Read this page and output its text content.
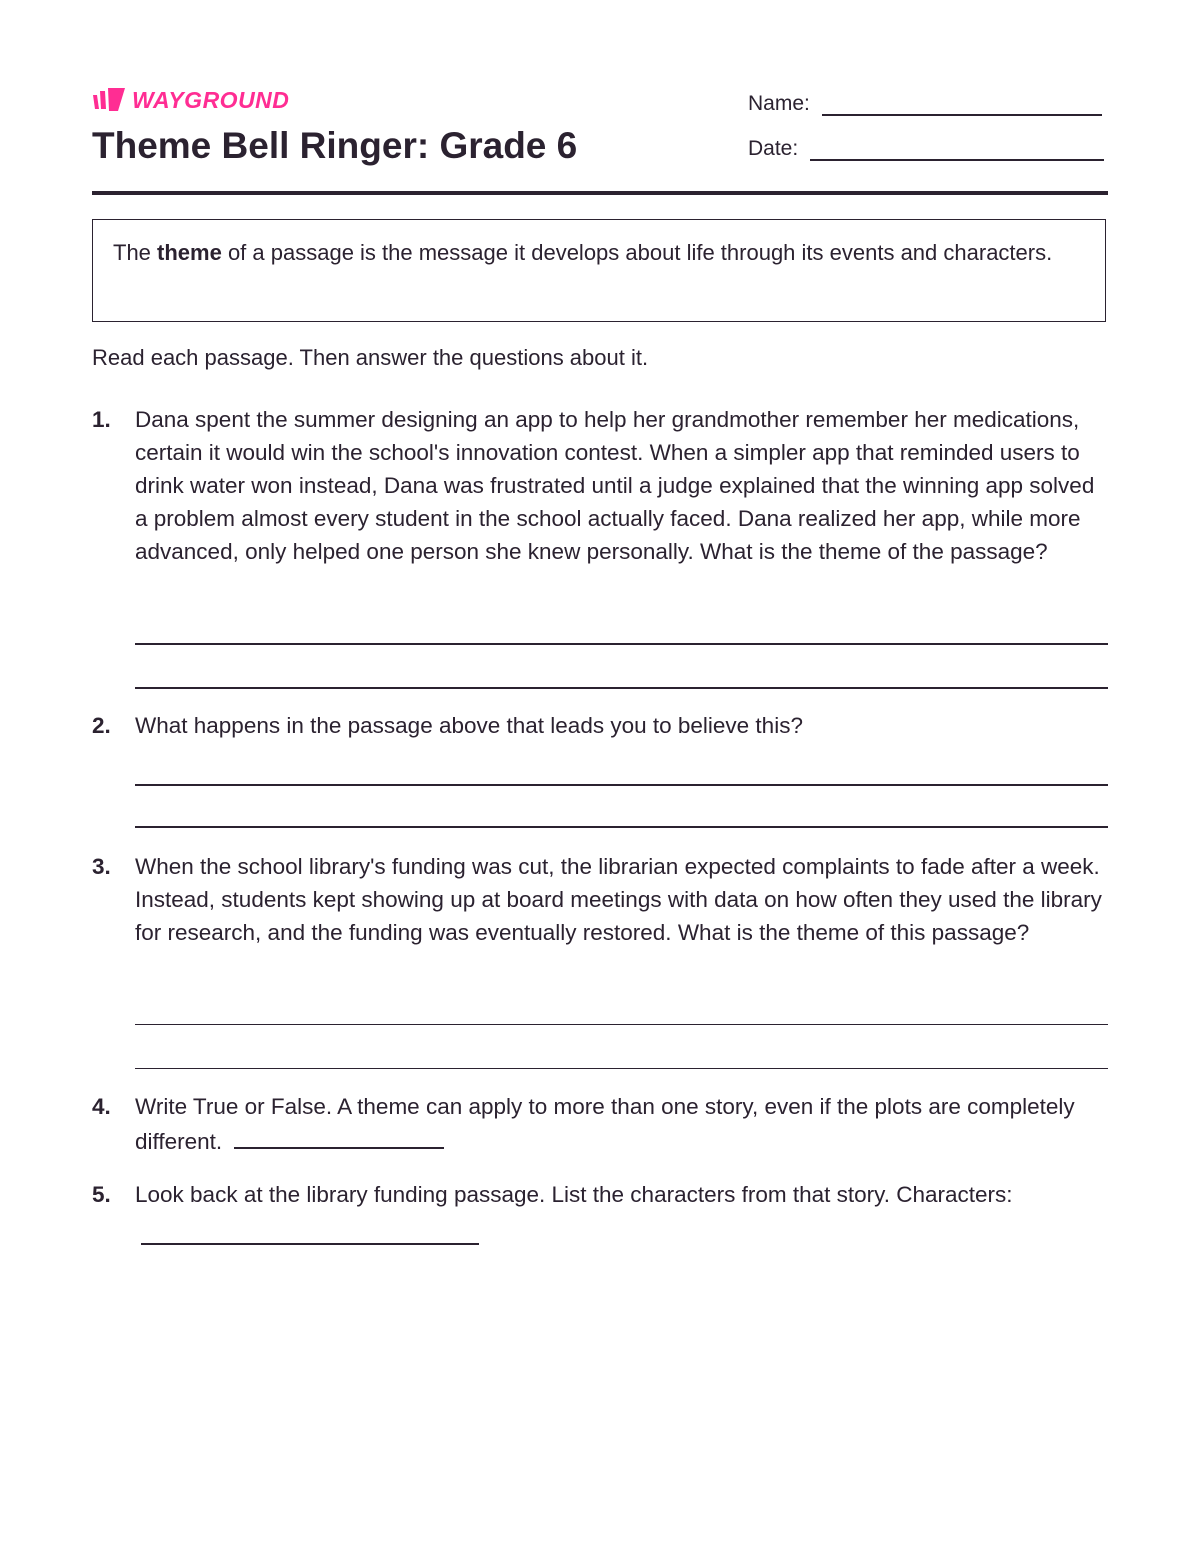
WAYGROUND
Theme Bell Ringer: Grade 6
Name:
Date:
The theme of a passage is the message it develops about life through its events and characters.
Read each passage. Then answer the questions about it.
1. Dana spent the summer designing an app to help her grandmother remember her medications, certain it would win the school's innovation contest. When a simpler app that reminded users to drink water won instead, Dana was frustrated until a judge explained that the winning app solved a problem almost every student in the school actually faced. Dana realized her app, while more advanced, only helped one person she knew personally. What is the theme of the passage?
2. What happens in the passage above that leads you to believe this?
3. When the school library's funding was cut, the librarian expected complaints to fade after a week. Instead, students kept showing up at board meetings with data on how often they used the library for research, and the funding was eventually restored. What is the theme of this passage?
4. Write True or False. A theme can apply to more than one story, even if the plots are completely different.
5. Look back at the library funding passage. List the characters from that story. Characters:
